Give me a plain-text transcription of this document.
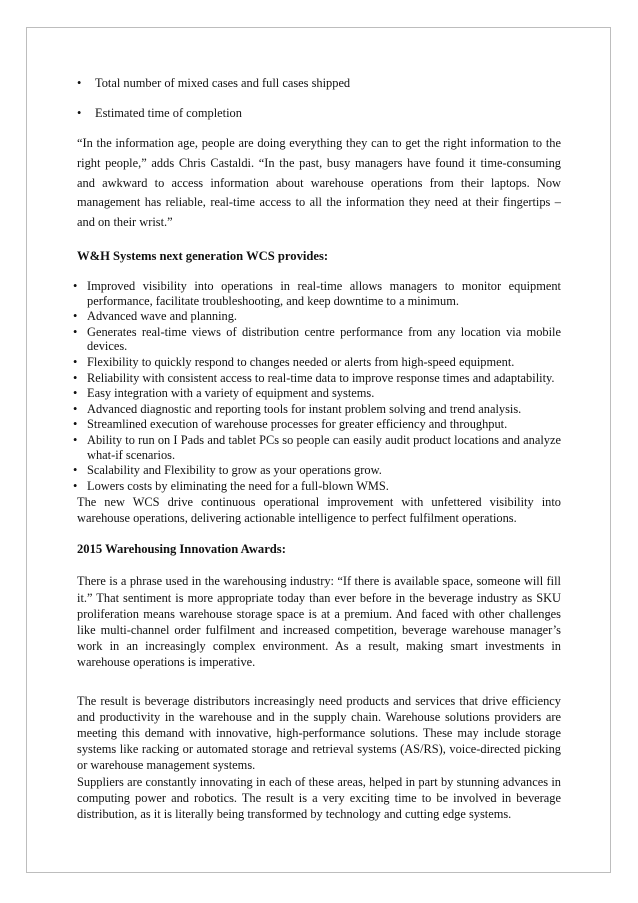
• Total number of mixed cases and full cases shipped
• Estimated time of completion

“In the information age, people are doing everything they can to get the right information to the right people,” adds Chris Castaldi. “In the past, busy managers have found it time-consuming and awkward to access information about warehouse operations from their laptops. Now management has reliable, real-time access to all the information they need at their fingertips – and on their wrist.”

W&H Systems next generation WCS provides:
• Improved visibility into operations in real-time allows managers to monitor equipment performance, facilitate troubleshooting, and keep downtime to a minimum.
• Advanced wave and planning.
• Generates real-time views of distribution centre performance from any location via mobile devices.
• Flexibility to quickly respond to changes needed or alerts from high-speed equipment.
• Reliability with consistent access to real-time data to improve response times and adaptability.
• Easy integration with a variety of equipment and systems.
• Advanced diagnostic and reporting tools for instant problem solving and trend analysis.
• Streamlined execution of warehouse processes for greater efficiency and throughput.
• Ability to run on I Pads and tablet PCs so people can easily audit product locations and analyze what-if scenarios.
• Scalability and Flexibility to grow as your operations grow.
• Lowers costs by eliminating the need for a full-blown WMS.

The new WCS drive continuous operational improvement with unfettered visibility into warehouse operations, delivering actionable intelligence to perfect fulfilment operations.

2015 Warehousing Innovation Awards:

There is a phrase used in the warehousing industry: “If there is available space, someone will fill it.” That sentiment is more appropriate today than ever before in the beverage industry as SKU proliferation means warehouse storage space is at a premium. And faced with other challenges like multi-channel order fulfilment and increased competition, beverage warehouse manager’s work in an increasingly complex environment. As a result, making smart investments in warehouse operations is imperative.

The result is beverage distributors increasingly need products and services that drive efficiency and productivity in the warehouse and in the supply chain. Warehouse solutions providers are meeting this demand with innovative, high-performance solutions. These may include storage systems like racking or automated storage and retrieval systems (AS/RS), voice-directed picking or warehouse management systems.

Suppliers are constantly innovating in each of these areas, helped in part by stunning advances in computing power and robotics. The result is a very exciting time to be involved in beverage distribution, as it is literally being transformed by technology and cutting edge systems.
